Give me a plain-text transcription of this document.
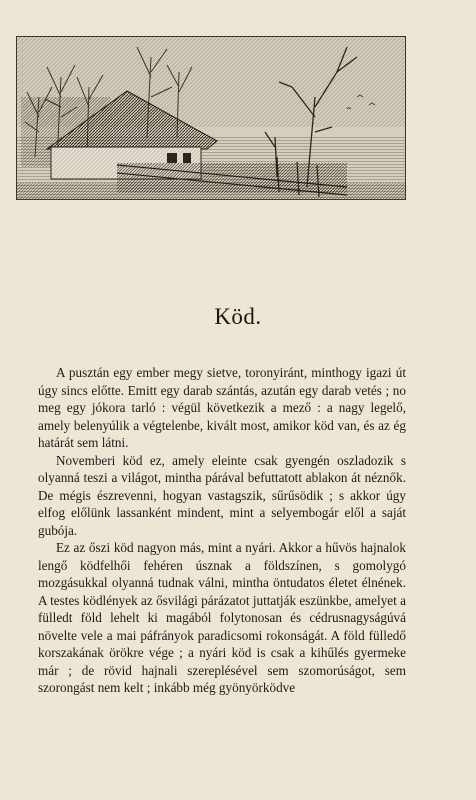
Köd.

A pusztán egy ember megy sietve, toronyiránt, minthogy igazi út úgy sincs előtte. Emitt egy darab szántás, azután egy darab vetés ; no meg egy jókora tarló : végül következik a mező : a nagy legelő, amely belenyúlik a végtelenbe, kivált most, amikor köd van, és az ég határát sem látni.

Novemberi köd ez, amely eleinte csak gyengén oszladozik s olyanná teszi a világot, mintha párával befuttatott ablakon át néznők. De mégis észrevenni, hogyan vastagszik, sűrűsödik ; s akkor úgy elfog előlünk lassanként mindent, mint a selyembogár elől a saját gubója.

Ez az őszi köd nagyon más, mint a nyári. Akkor a hűvös hajnalok lengő ködfelhői fehéren úsznak a földszínen, s gomolygó mozgásukkal olyanná tudnak válni, mintha öntudatos életet élnének. A testes ködlények az ősvilági párázatot juttatják eszünkbe, amelyet a fülledt föld lehelt ki magából folytonosan és cédrusnagyságúvá növelte vele a mai páfrányok paradicsomi rokonságát. A föld fülledő korszakának örökre vége ; a nyári köd is csak a kihűlés gyermeke már ; de rövid hajnali szereplésével sem szomorúságot, sem szorongást nem kelt ; inkább még gyönyörködve
